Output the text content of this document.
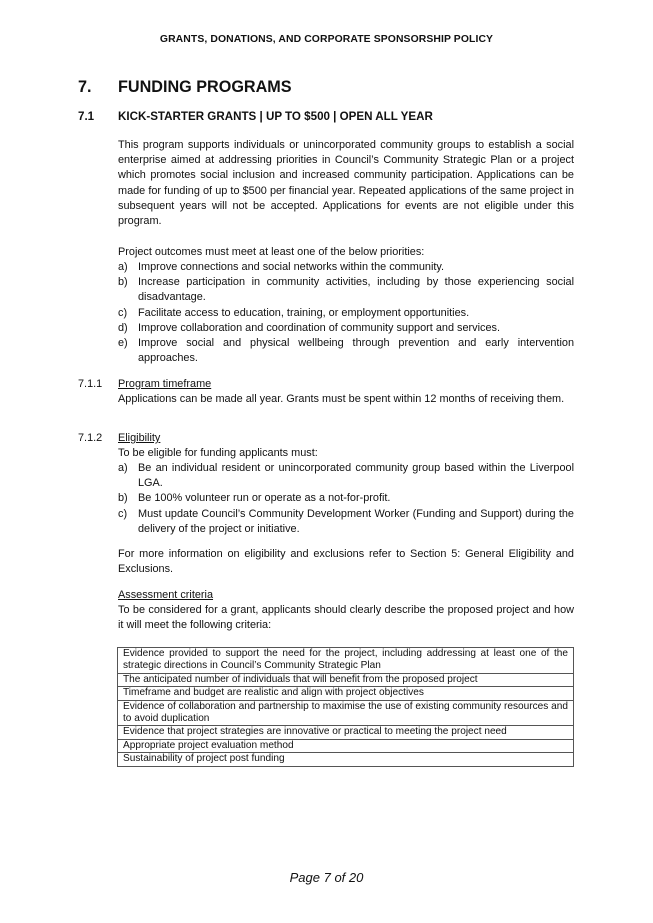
GRANTS, DONATIONS, AND CORPORATE SPONSORSHIP POLICY
7. FUNDING PROGRAMS
7.1 KICK-STARTER GRANTS | UP TO $500 | OPEN ALL YEAR

This program supports individuals or unincorporated community groups to establish a social enterprise aimed at addressing priorities in Council’s Community Strategic Plan or a project which promotes social inclusion and increased community participation. Applications can be made for funding of up to $500 per financial year. Repeated applications of the same project in subsequent years will not be accepted. Applications for events are not eligible under this program.

Project outcomes must meet at least one of the below priorities:

a) Improve connections and social networks within the community.
b) Increase participation in community activities, including by those experiencing social disadvantage.
c) Facilitate access to education, training, or employment opportunities.
d) Improve collaboration and coordination of community support and services.
e) Improve social and physical wellbeing through prevention and early intervention approaches.
7.1.1 Program timeframe

Applications can be made all year. Grants must be spent within 12 months of receiving them.

7.1.2 Eligibility

To be eligible for funding applicants must:

a) Be an individual resident or unincorporated community group based within the Liverpool LGA.
b) Be 100% volunteer run or operate as a not-for-profit.
c) Must update Council’s Community Development Worker (Funding and Support) during the delivery of the project or initiative.

For more information on eligibility and exclusions refer to Section 5: General Eligibility and Exclusions.

Assessment criteria

To be considered for a grant, applicants should clearly describe the proposed project and how it will meet the following criteria:

Evidence provided to support the need for the project, including addressing at least one of the strategic directions in Council’s Community Strategic Plan
The anticipated number of individuals that will benefit from the proposed project
Timeframe and budget are realistic and align with project objectives
Evidence of collaboration and partnership to maximise the use of existing community resources and to avoid duplication
Evidence that project strategies are innovative or practical to meeting the project need
Appropriate project evaluation method
Sustainability of project post funding
Page 7 of 20
